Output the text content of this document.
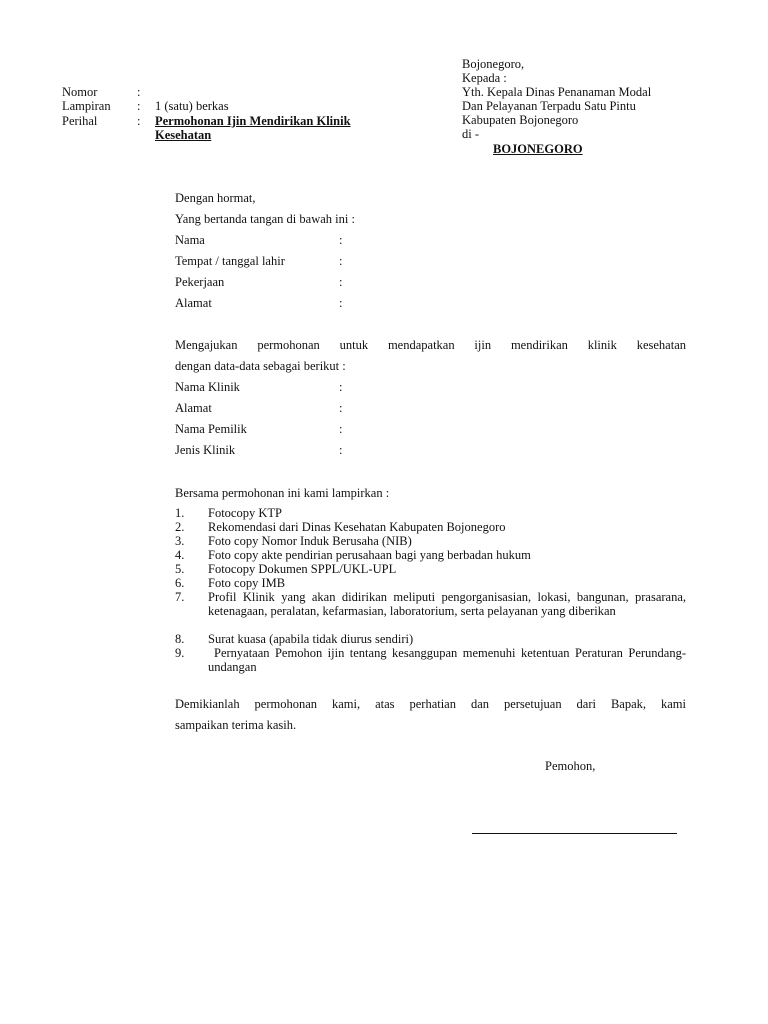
Bojonegoro,
Kepada :
Yth. Kepala Dinas Penanaman Modal
Dan Pelayanan Terpadu Satu Pintu
Kabupaten Bojonegoro
di -
BOJONEGORO
Nomor	:
Lampiran : 1 (satu) berkas
Perihal	: Permohonan Ijin Mendirikan Klinik
Kesehatan
Dengan hormat,
Yang bertanda tangan di bawah ini :
Nama	:
Tempat / tanggal lahir	:
Pekerjaan	:
Alamat	:
Mengajukan permohonan untuk mendapatkan ijin mendirikan klinik kesehatan
dengan data-data sebagai berikut :
Nama Klinik	:
Alamat	:
Nama Pemilik	:
Jenis Klinik	:
Bersama permohonan ini kami lampirkan :
1. Fotocopy KTP
2. Rekomendasi dari Dinas Kesehatan Kabupaten Bojonegoro
3. Foto copy Nomor Induk Berusaha (NIB)
4. Foto copy akte pendirian perusahaan bagi yang berbadan hukum
5. Fotocopy Dokumen SPPL/UKL-UPL
6. Foto copy IMB
7. Profil Klinik yang akan didirikan meliputi pengorganisasian, lokasi, bangunan, prasarana, ketenagaan, peralatan, kefarmasian, laboratorium, serta pelayanan yang diberikan
8. Surat kuasa (apabila tidak diurus sendiri)
9.	Pernyataan Pemohon ijin tentang kesanggupan memenuhi ketentuan Peraturan Perundang-undangan
Demikianlah permohonan kami, atas perhatian dan persetujuan dari Bapak, kami
sampaikan terima kasih.
Pemohon,
